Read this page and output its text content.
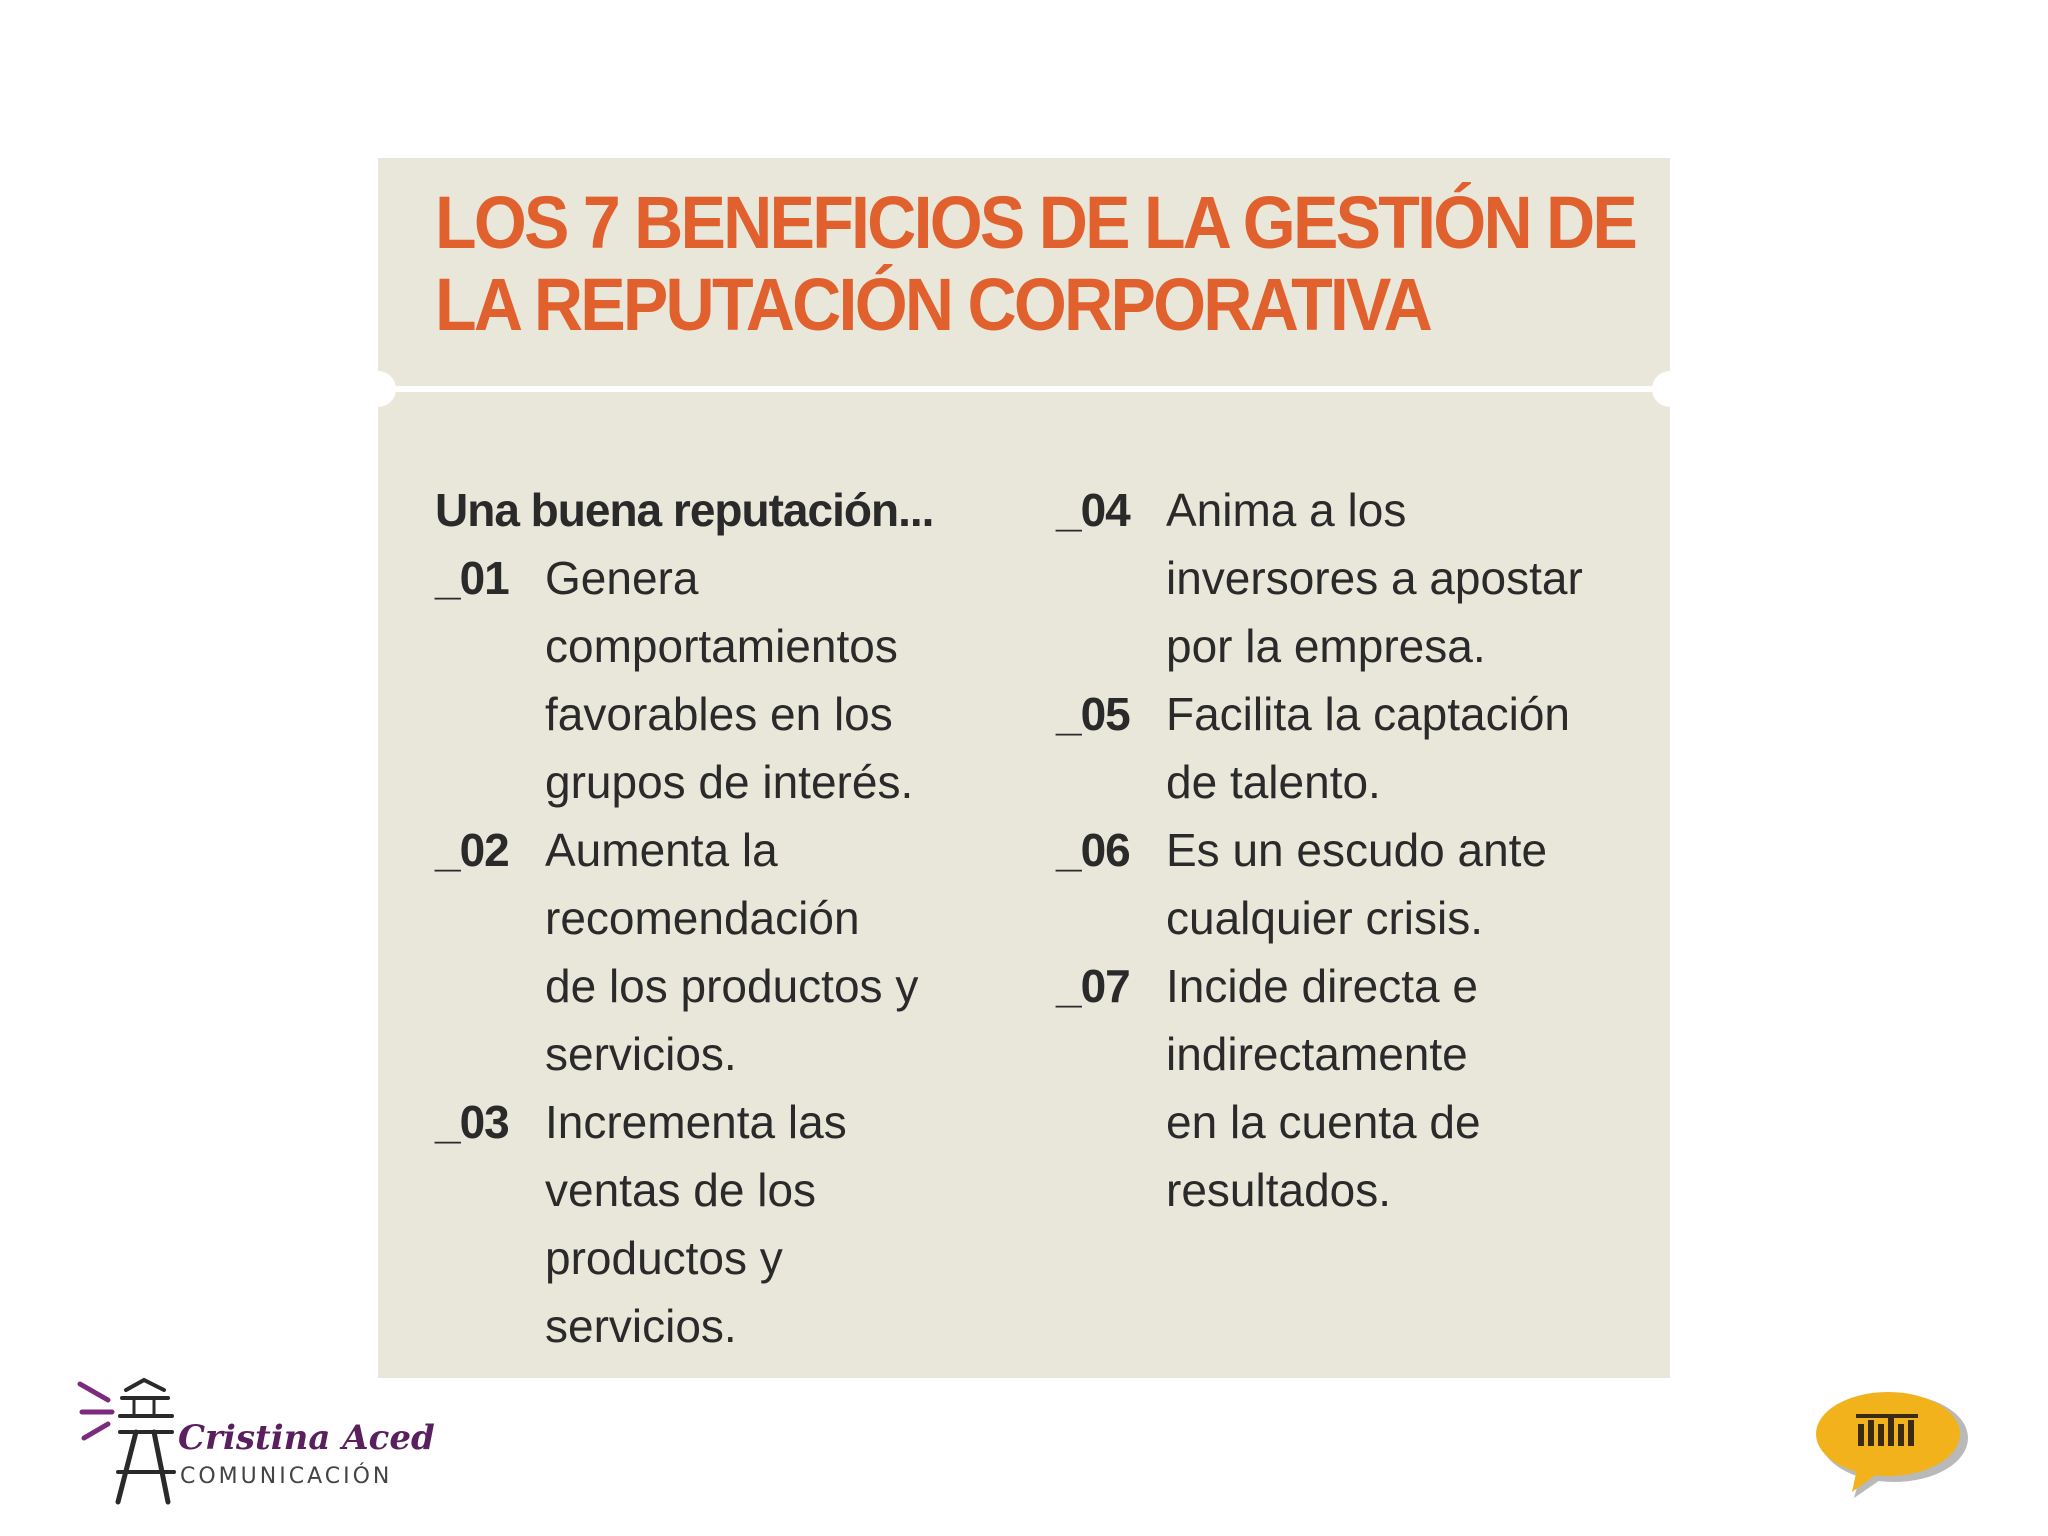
LOS 7 BENEFICIOS DE LA GESTIÓN DE
LA REPUTACIÓN CORPORATIVA

Una buena reputación...

_01 Genera
comportamientos
favorables en los
grupos de interés.
_02 Aumenta la
recomendación
de los productos y
servicios.
_03 Incrementa las
ventas de los
productos y
servicios.
_04 Anima a los
inversores a apostar
por la empresa.
_05 Facilita la captación
de talento.
_06 Es un escudo ante
cualquier crisis.
_07 Incide directa e
indirectamente
en la cuenta de
resultados.
Cristina Aced
COMUNICACIÓN
